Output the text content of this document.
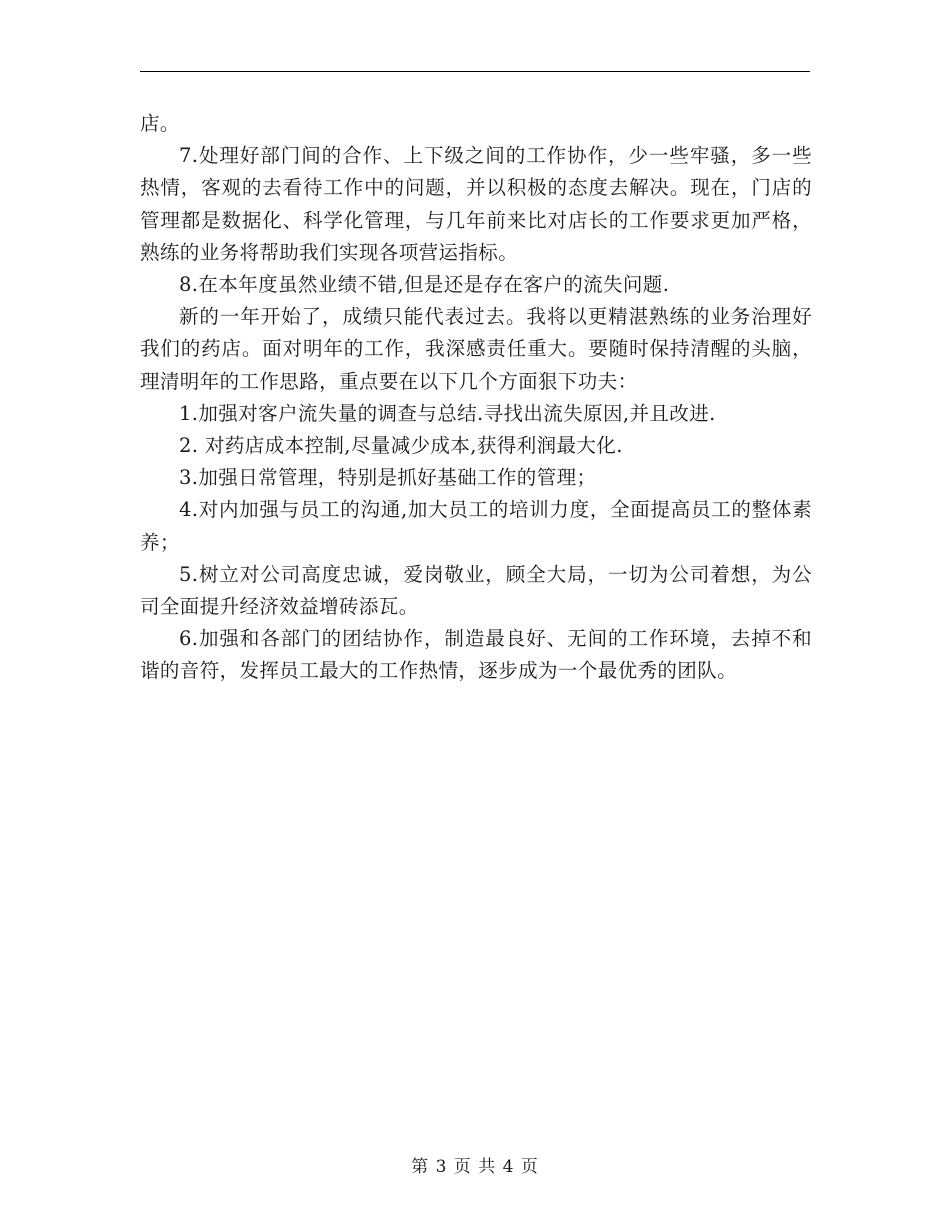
店。

7.处理好部门间的合作、上下级之间的工作协作，少一些牢骚，多一些热情，客观的去看待工作中的问题，并以积极的态度去解决。现在，门店的管理都是数据化、科学化管理，与几年前来比对店长的工作要求更加严格，熟练的业务将帮助我们实现各项营运指标。

8.在本年度虽然业绩不错,但是还是存在客户的流失问题.

新的一年开始了，成绩只能代表过去。我将以更精湛熟练的业务治理好我们的药店。面对明年的工作，我深感责任重大。要随时保持清醒的头脑，理清明年的工作思路，重点要在以下几个方面狠下功夫：

1.加强对客户流失量的调查与总结.寻找出流失原因,并且改进.

2. 对药店成本控制,尽量减少成本,获得利润最大化.

3.加强日常管理，特别是抓好基础工作的管理；

4.对内加强与员工的沟通,加大员工的培训力度，全面提高员工的整体素养；

5.树立对公司高度忠诚，爱岗敬业，顾全大局，一切为公司着想，为公司全面提升经济效益增砖添瓦。

6.加强和各部门的团结协作，制造最良好、无间的工作环境，去掉不和谐的音符，发挥员工最大的工作热情，逐步成为一个最优秀的团队。

第 3 页 共 4 页
